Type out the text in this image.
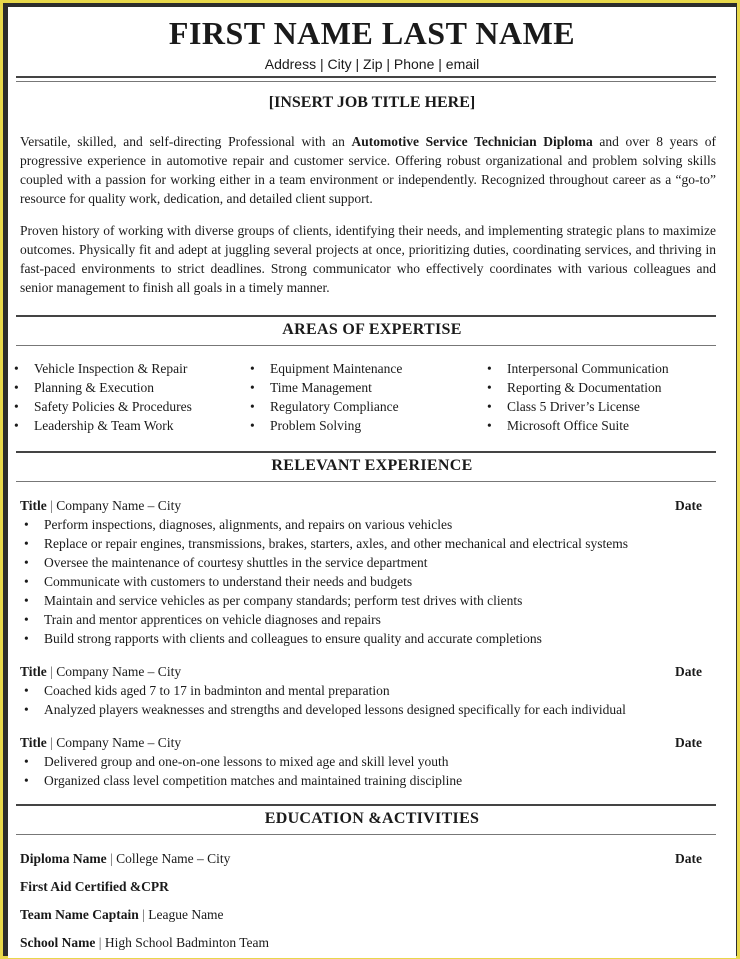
FIRST NAME LAST NAME
Address | City | Zip | Phone | email
[INSERT JOB TITLE HERE]
Versatile, skilled, and self-directing Professional with an Automotive Service Technician Diploma and over 8 years of progressive experience in automotive repair and customer service. Offering robust organizational and problem solving skills coupled with a passion for working either in a team environment or independently. Recognized throughout career as a “go-to” resource for quality work, dedication, and detailed client support.
Proven history of working with diverse groups of clients, identifying their needs, and implementing strategic plans to maximize outcomes. Physically fit and adept at juggling several projects at once, prioritizing duties, coordinating services, and thriving in fast-paced environments to strict deadlines. Strong communicator who effectively coordinates with various colleagues and senior management to finish all goals in a timely manner.
AREAS OF EXPERTISE
• Vehicle Inspection & Repair
• Planning & Execution
• Safety Policies & Procedures
• Leadership & Team Work
• Equipment Maintenance
• Time Management
• Regulatory Compliance
• Problem Solving
• Interpersonal Communication
• Reporting & Documentation
• Class 5 Driver’s License
• Microsoft Office Suite
RELEVANT EXPERIENCE
Title | Company Name – City	Date
• Perform inspections, diagnoses, alignments, and repairs on various vehicles
• Replace or repair engines, transmissions, brakes, starters, axles, and other mechanical and electrical systems
• Oversee the maintenance of courtesy shuttles in the service department
• Communicate with customers to understand their needs and budgets
• Maintain and service vehicles as per company standards; perform test drives with clients
• Train and mentor apprentices on vehicle diagnoses and repairs
• Build strong rapports with clients and colleagues to ensure quality and accurate completions
Title | Company Name – City	Date
• Coached kids aged 7 to 17 in badminton and mental preparation
• Analyzed players weaknesses and strengths and developed lessons designed specifically for each individual
Title | Company Name – City	Date
• Delivered group and one-on-one lessons to mixed age and skill level youth
• Organized class level competition matches and maintained training discipline
EDUCATION &ACTIVITIES
Diploma Name | College Name – City	Date
First Aid Certified &CPR
Team Name Captain | League Name
School Name | High School Badminton Team
